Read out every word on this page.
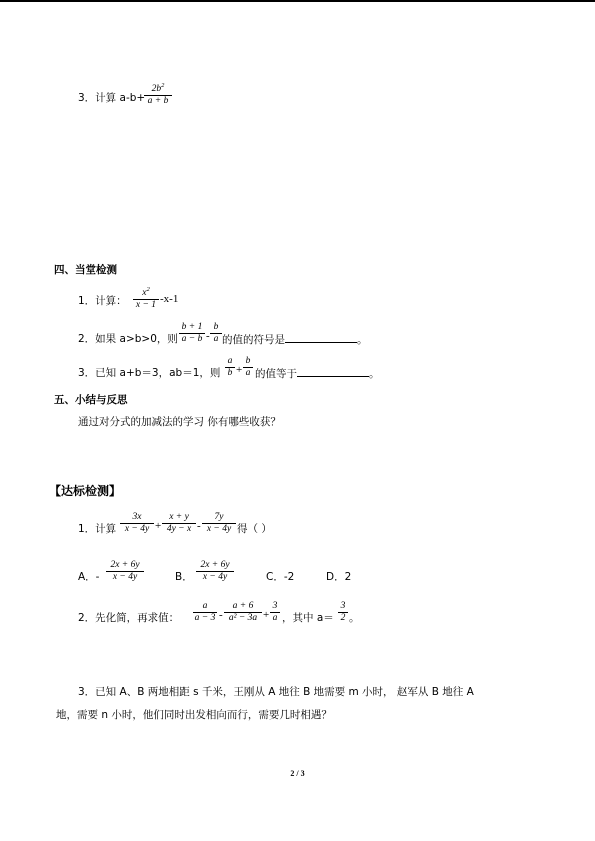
3．计算 a-b+
$2b^2$
a + b
四、当堂检测
1．计算：
$x^2$
x − 1
-x-1
2．如果 a>b>0，则
b + 1
a − b -
b
a 的值的符号是	。
3．已知 a+b＝3，ab＝1，则
a
b +
b
a 的值等于	。
五、小结与反思
通过对分式的加减法的学习 你有哪些收获？
【达标检测】
1．计算
3x
x − 4y +
x + y
4y − x -
7y
x − 4y 得（ ）
A．-
2x + 6y
x − 4y	B．
2x + 6y
x − 4y	C．-2	D．2
2．先化简，再求值：
a
a − 3 -
a + 6
a² − 3a +
3
a ，其中 a＝
3
2 。
3．已知 A、B 两地相距 s 千米，王刚从 A 地往 B 地需要 m 小时， 赵军从 B 地往 A
地，需要 n 小时，他们同时出发相向而行，需要几时相遇？
2 / 3
